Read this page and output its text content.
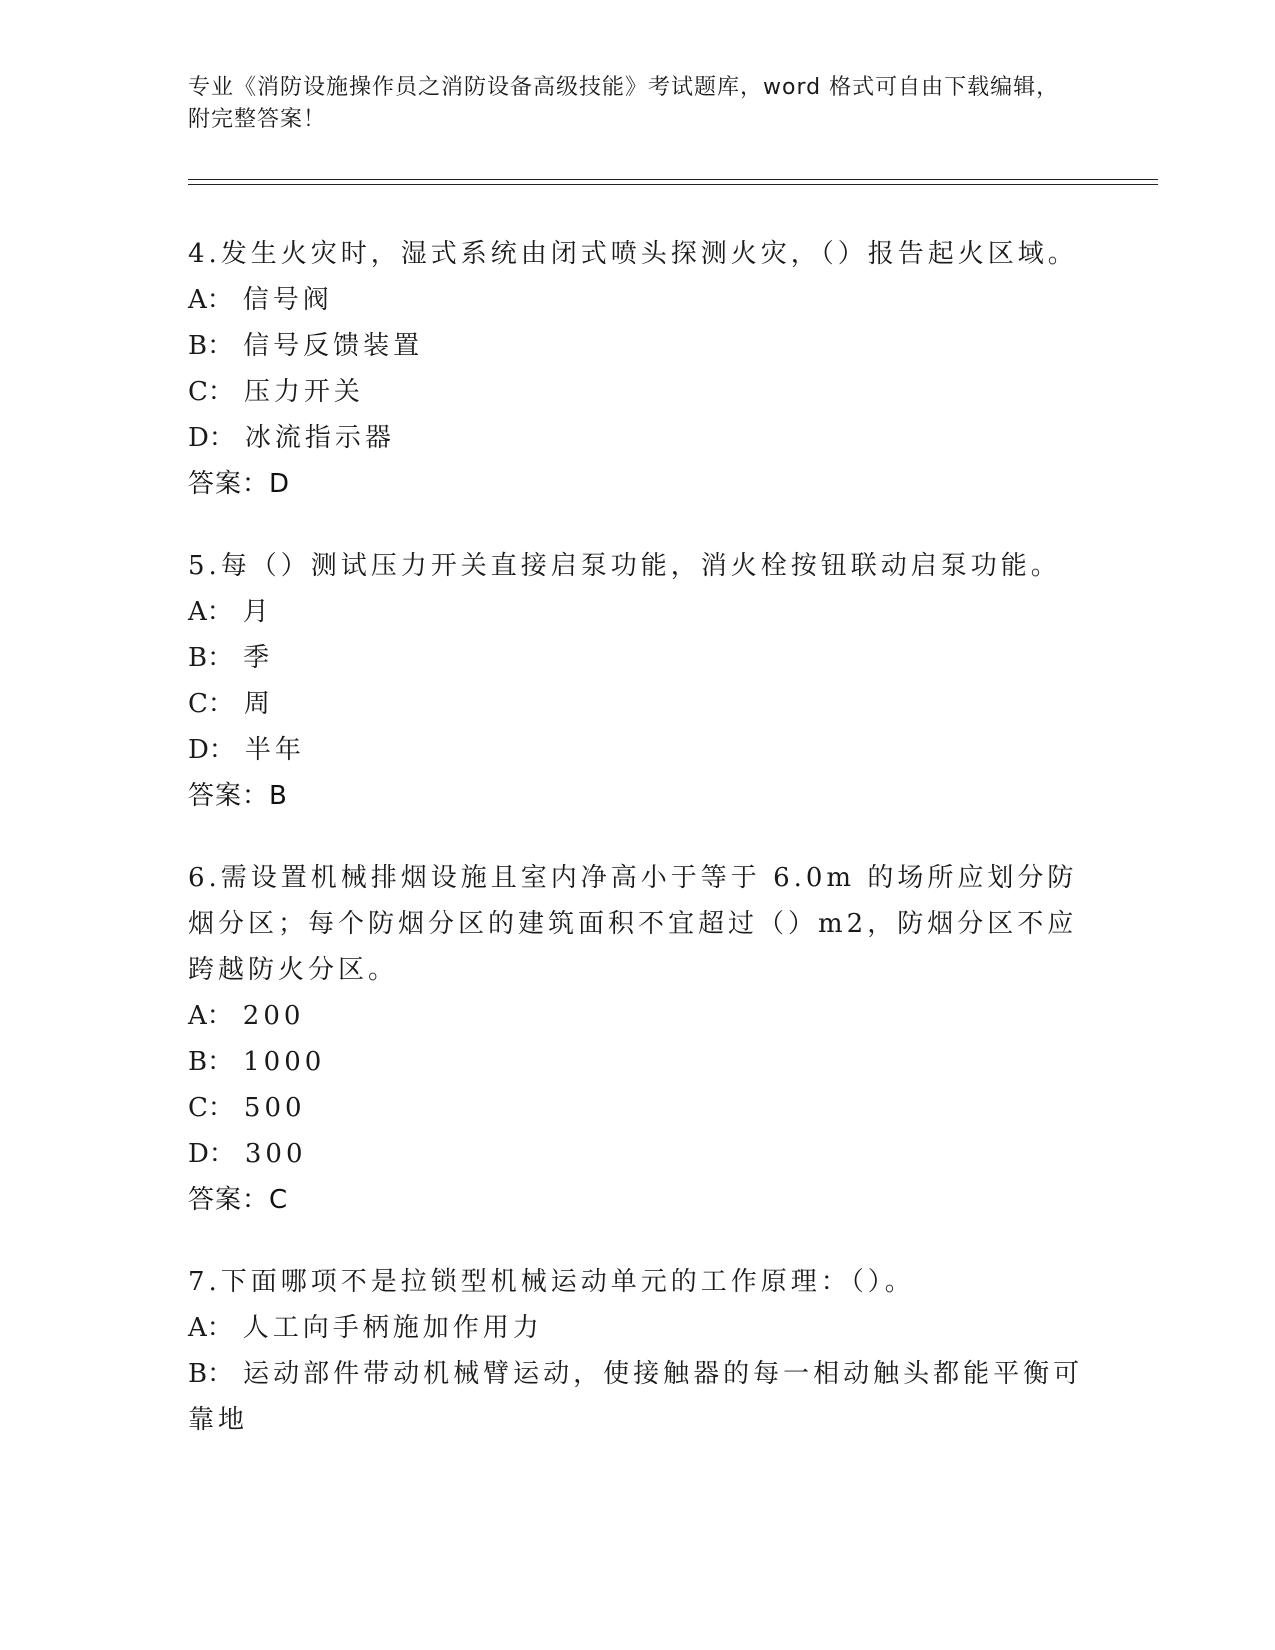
专业《消防设施操作员之消防设备高级技能》考试题库，word 格式可自由下载编辑，附完整答案！

4.发生火灾时，湿式系统由闭式喷头探测火灾，（）报告起火区域。

A： 信号阀

B： 信号反馈装置

C： 压力开关

D： 冰流指示器

答案：D

5.每（）测试压力开关直接启泵功能，消火栓按钮联动启泵功能。

A： 月

B： 季

C： 周

D： 半年

答案：B

6.需设置机械排烟设施且室内净高小于等于 6.0m 的场所应划分防烟分区；每个防烟分区的建筑面积不宜超过（）m2，防烟分区不应跨越防火分区。

A： 200

B： 1000

C： 500

D： 300

答案：C

7.下面哪项不是拉锁型机械运动单元的工作原理：（）。

A： 人工向手柄施加作用力

B： 运动部件带动机械臂运动，使接触器的每一相动触头都能平衡可靠地
